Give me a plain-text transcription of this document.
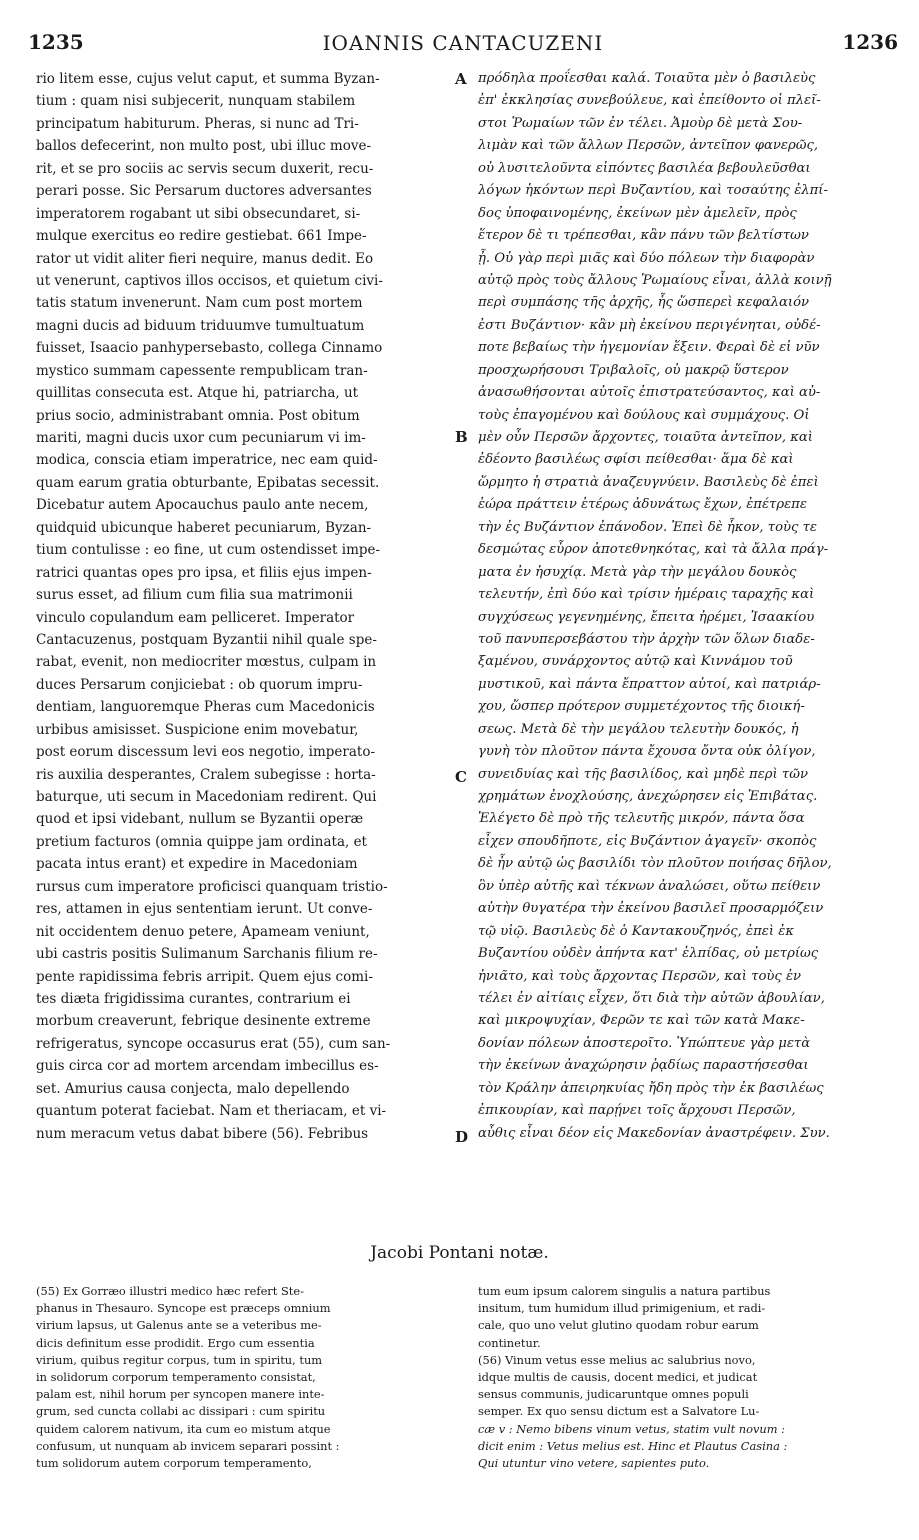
1235	IOANNIS CANTACUZENI	1236
rio litem esse, cujus velut caput, et summa Byzan-
tium : quam nisi subjecerit, nunquam stabilem
principatum habiturum. Pheras, si nunc ad Tri-
ballos defecerint, non multo post, ubi illuc move-
rit, et se pro sociis ac servis secum duxerit, recu-
perari posse. Sic Persarum ductores adversantes
imperatorem rogabant ut sibi obsecundaret, si-
mulque exercitus eo redire gestiebat. 661 Impe-
rator ut vidit aliter fieri nequire, manus dedit. Eo
ut venerunt, captivos illos occisos, et quietum civi-
tatis statum invenerunt. Nam cum post mortem
magni ducis ad biduum triduumve tumultuatum
fuisset, Isaacio panhypersebasto, collega Cinnamo
mystico summam capessente rempublicam tran-
quillitas consecuta est. Atque hi, patriarcha, ut
prius socio, administrabant omnia. Post obitum
mariti, magni ducis uxor cum pecuniarum vi im-
modica, conscia etiam imperatrice, nec eam quid-
quam earum gratia obturbante, Epibatas secessit.
Dicebatur autem Apocauchus paulo ante necem,
quidquid ubicunque haberet pecuniarum, Byzan-
tium contulisse : eo fine, ut cum ostendisset impe-
ratrici quantas opes pro ipsa, et filiis ejus impen-
surus esset, ad filium cum filia sua matrimonii
vinculo copulandum eam pelliceret. Imperator
Cantacuzenus, postquam Byzantii nihil quale spe-
rabat, evenit, non mediocriter mœstus, culpam in
duces Persarum conjiciebat : ob quorum impru-
dentiam, languoremque Pheras cum Macedonicis
urbibus amisisset. Suspicione enim movebatur,
post eorum discessum levi eos negotio, imperato-
ris auxilia desperantes, Cralem subegisse : horta-
baturque, uti secum in Macedoniam redirent. Qui
quod et ipsi videbant, nullum se Byzantii operæ
pretium facturos (omnia quippe jam ordinata, et
pacata intus erant) et expedire in Macedoniam
rursus cum imperatore proficisci quanquam tristio-
res, attamen in ejus sententiam ierunt. Ut conve-
nit occidentem denuo petere, Apameam veniunt,
ubi castris positis Sulimanum Sarchanis filium re-
pente rapidissima febris arripit. Quem ejus comi-
tes diæta frigidissima curantes, contrarium ei
morbum creaverunt, febrique desinente extreme
refrigeratus, syncope occasurus erat (55), cum san-
guis circa cor ad mortem arcendam imbecillus es-
set. Amurius causa conjecta, malo depellendo
quantum poterat faciebat. Nam et theriacam, et vi-
num meracum vetus dabat bibere (56). Febribus
πρόδηλα προΐεσθαι καλά. Τοιαῦτα μὲν ὁ βασιλεὺς
ἐπ' ἐκκλησίας συνεβούλευε, καὶ ἐπείθοντο οἱ πλεῖ-
στοι Ῥωμαίων τῶν ἐν τέλει. Ἀμοὺρ δὲ μετὰ Σου-
λιμὰν καὶ τῶν ἄλλων Περσῶν, ἀντεῖπον φανερῶς,
οὐ λυσιτελοῦντα εἰπόντες βασιλέα βεβουλεῦσθαι
λόγων ἡκόντων περὶ Βυζαντίου, καὶ τοσαύτης ἐλπί-
δος ὑποφαινομένης, ἐκείνων μὲν ἀμελεῖν, πρὸς
ἕτερον δὲ τι τρέπεσθαι, κἂν πάνυ τῶν βελτίστων
ᾖ. Οὐ γὰρ περὶ μιᾶς καὶ δύο πόλεων τὴν διαφορὰν
αὐτῷ πρὸς τοὺς ἄλλους Ῥωμαίους εἶναι, ἀλλὰ κοινῇ
περὶ συμπάσης τῆς ἀρχῆς, ἧς ὥσπερεὶ κεφαλαιόν
ἐστι Βυζάντιον· κἂν μὴ ἐκείνου περιγένηται, οὐδέ-
ποτε βεβαίως τὴν ἡγεμονίαν ἕξειν. Φεραὶ δὲ εἰ νῦν
προσχωρήσουσι Τριβαλοῖς, οὐ μακρῷ ὕστερον
ἀνασωθήσονται αὐτοῖς ἐπιστρατεύσαντος, καὶ αὐ-
τοὺς ἐπαγομένου καὶ δούλους καὶ συμμάχους. Οἱ
μὲν οὖν Περσῶν ἄρχοντες, τοιαῦτα ἀντεῖπον, καὶ
ἐδέοντο βασιλέως σφίσι πείθεσθαι· ἅμα δὲ καὶ
ὥρμητο ἡ στρατιὰ ἀναζευγνύειν. Βασιλεὺς δὲ ἐπεὶ
ἑώρα πράττειν ἑτέρως ἀδυνάτως ἔχων, ἐπέτρεπε
τὴν ἐς Βυζάντιον ἐπάνοδον. Ἐπεὶ δὲ ἧκον, τοὺς τε
δεσμώτας εὗρον ἀποτεθνηκότας, καὶ τὰ ἄλλα πράγ-
ματα ἐν ἡσυχίᾳ. Μετὰ γὰρ τὴν μεγάλου δουκὸς
τελευτήν, ἐπὶ δύο καὶ τρίσιν ἡμέραις ταραχῆς καὶ
συγχύσεως γεγενημένης, ἔπειτα ἠρέμει, Ἰσαακίου
τοῦ πανυπερσεβάστου τὴν ἀρχὴν τῶν ὅλων διαδε-
ξαμένου, συνάρχοντος αὐτῷ καὶ Κιννάμου τοῦ
μυστικοῦ, καὶ πάντα ἔπραττον αὐτοί, καὶ πατριάρ-
χου, ὥσπερ πρότερον συμμετέχοντος τῆς διοική-
σεως. Μετὰ δὲ τὴν μεγάλου τελευτὴν δουκός, ἡ
γυνὴ τὸν πλοῦτον πάντα ἔχουσα ὄντα οὐκ ὀλίγον,
συνειδυίας καὶ τῆς βασιλίδος, καὶ μηδὲ περὶ τῶν
χρημάτων ἐνοχλούσης, ἀνεχώρησεν εἰς Ἐπιβάτας.
Ἐλέγετο δὲ πρὸ τῆς τελευτῆς μικρόν, πάντα ὅσα
εἶχεν σπουδῆποτε, εἰς Βυζάντιον ἀγαγεῖν· σκοπὸς
δὲ ἦν αὐτῷ ὡς βασιλίδι τὸν πλοῦτον ποιήσας δῆλον,
ὃν ὑπὲρ αὐτῆς καὶ τέκνων ἀναλώσει, οὕτω πείθειν
αὐτὴν θυγατέρα τὴν ἐκείνου βασιλεῖ προσαρμόζειν
τῷ υἱῷ. Βασιλεὺς δὲ ὁ Καντακουζηνός, ἐπεὶ ἐκ
Βυζαντίου οὐδὲν ἀπήντα κατ' ἐλπίδας, οὐ μετρίως
ἠνιᾶτο, καὶ τοὺς ἄρχοντας Περσῶν, καὶ τοὺς ἐν
τέλει ἐν αἰτίαις εἶχεν, ὅτι διὰ τὴν αὐτῶν ἀβουλίαν,
καὶ μικροψυχίαν, Φερῶν τε καὶ τῶν κατὰ Μακε-
δονίαν πόλεων ἀποστεροῖτο. Ὑπώπτευε γὰρ μετὰ
τὴν ἐκείνων ἀναχώρησιν ῥᾳδίως παραστήσεσθαι
τὸν Κράλην ἀπειρηκυίας ἤδη πρὸς τὴν ἐκ βασιλέως
ἐπικουρίαν, καὶ παρῄνει τοῖς ἄρχουσι Περσῶν,
αὖθις εἶναι δέον εἰς Μακεδονίαν ἀναστρέφειν. Συν.
A
B
C
D
Jacobi Pontani notæ.
(55) Ex Gorræo illustri medico hæc refert Ste-
phanus in Thesauro. Syncope est præceps omnium
virium lapsus, ut Galenus ante se a veteribus me-
dicis definitum esse prodidit. Ergo cum essentia
virium, quibus regitur corpus, tum in spiritu, tum
in solidorum corporum temperamento consistat,
palam est, nihil horum per syncopen manere inte-
grum, sed cuncta collabi ac dissipari : cum spiritu
quidem calorem nativum, ita cum eo mistum atque
confusum, ut nunquam ab invicem separari possint :
tum solidorum autem corporum temperamento,
tum eum ipsum calorem singulis a natura partibus
insitum, tum humidum illud primigenium, et radi-
cale, quo uno velut glutino quodam robur earum
continetur.
(56) Vinum vetus esse melius ac salubrius novo,
idque multis de causis, docent medici, et judicat
sensus communis, judicaruntque omnes populi
semper. Ex quo sensu dictum est a Salvatore Lu-
cæ v : Nemo bibens vinum vetus, statim vult novum :
dicit enim : Vetus melius est. Hinc et Plautus Casina :
Qui utuntur vino vetere, sapientes puto.
